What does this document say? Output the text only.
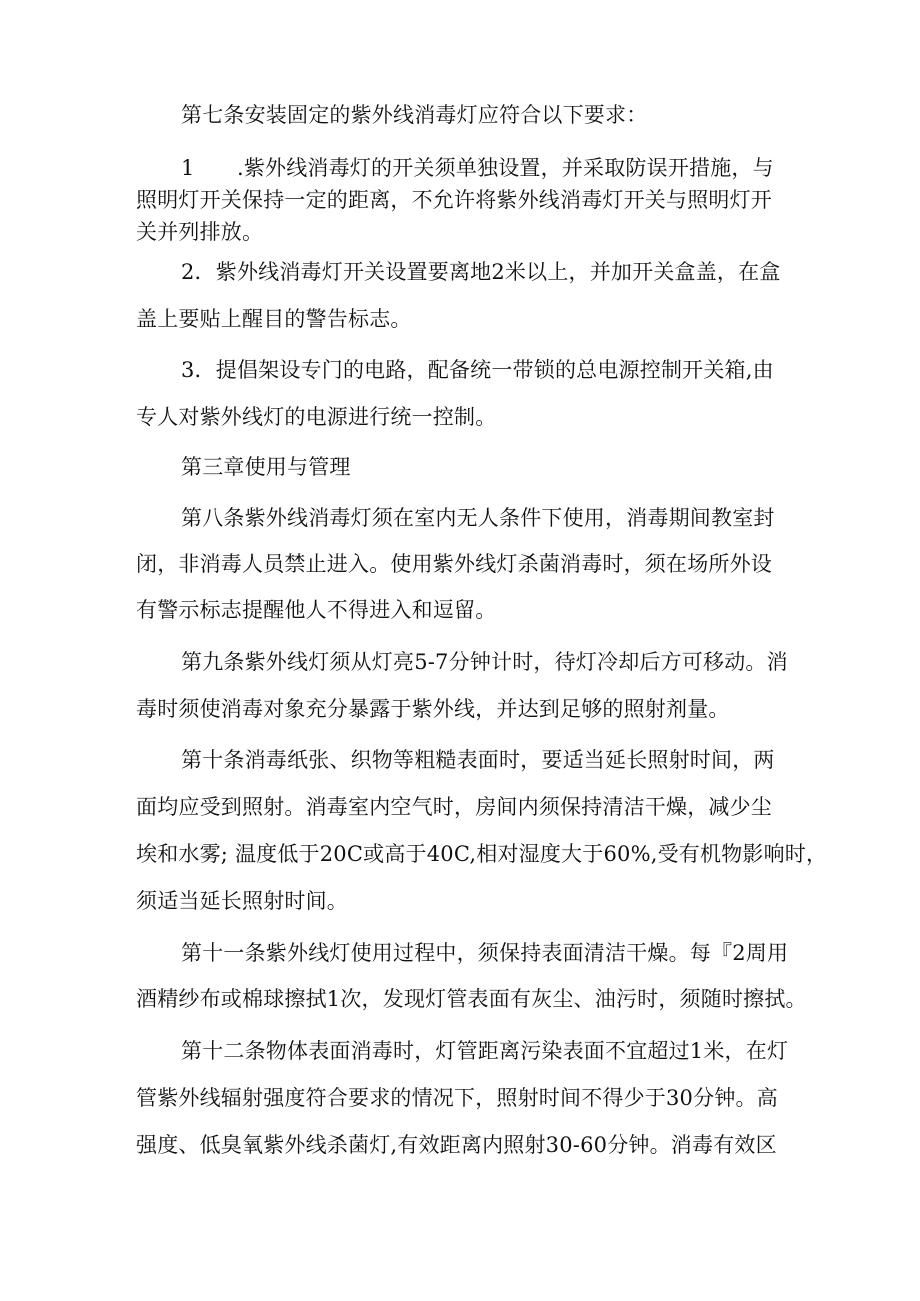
第七条安装固定的紫外线消毒灯应符合以下要求：
1　　.紫外线消毒灯的开关须单独设置，并采取防误开措施，与
照明灯开关保持一定的距离，不允许将紫外线消毒灯开关与照明灯开
关并列排放。
2．紫外线消毒灯开关设置要离地2米以上，并加开关盒盖，在盒
盖上要贴上醒目的警告标志。
3．提倡架设专门的电路，配备统一带锁的总电源控制开关箱,由
专人对紫外线灯的电源进行统一控制。
第三章使用与管理
第八条紫外线消毒灯须在室内无人条件下使用，消毒期间教室封
闭，非消毒人员禁止进入。使用紫外线灯杀菌消毒时，须在场所外设
有警示标志提醒他人不得进入和逗留。
第九条紫外线灯须从灯亮5-7分钟计时，待灯冷却后方可移动。消
毒时须使消毒对象充分暴露于紫外线，并达到足够的照射剂量。
第十条消毒纸张、织物等粗糙表面时，要适当延长照射时间，两
面均应受到照射。消毒室内空气时，房间内须保持清洁干燥，减少尘
埃和水雾; 温度低于20C或高于40C,相对湿度大于60%,受有机物影响时，
须适当延长照射时间。
第十一条紫外线灯使用过程中，须保持表面清洁干燥。每『2周用
酒精纱布或棉球擦拭1次，发现灯管表面有灰尘、油污时，须随时擦拭。
第十二条物体表面消毒时，灯管距离污染表面不宜超过1米，在灯
管紫外线辐射强度符合要求的情况下，照射时间不得少于30分钟。高
强度、低臭氧紫外线杀菌灯,有效距离内照射30-60分钟。消毒有效区
